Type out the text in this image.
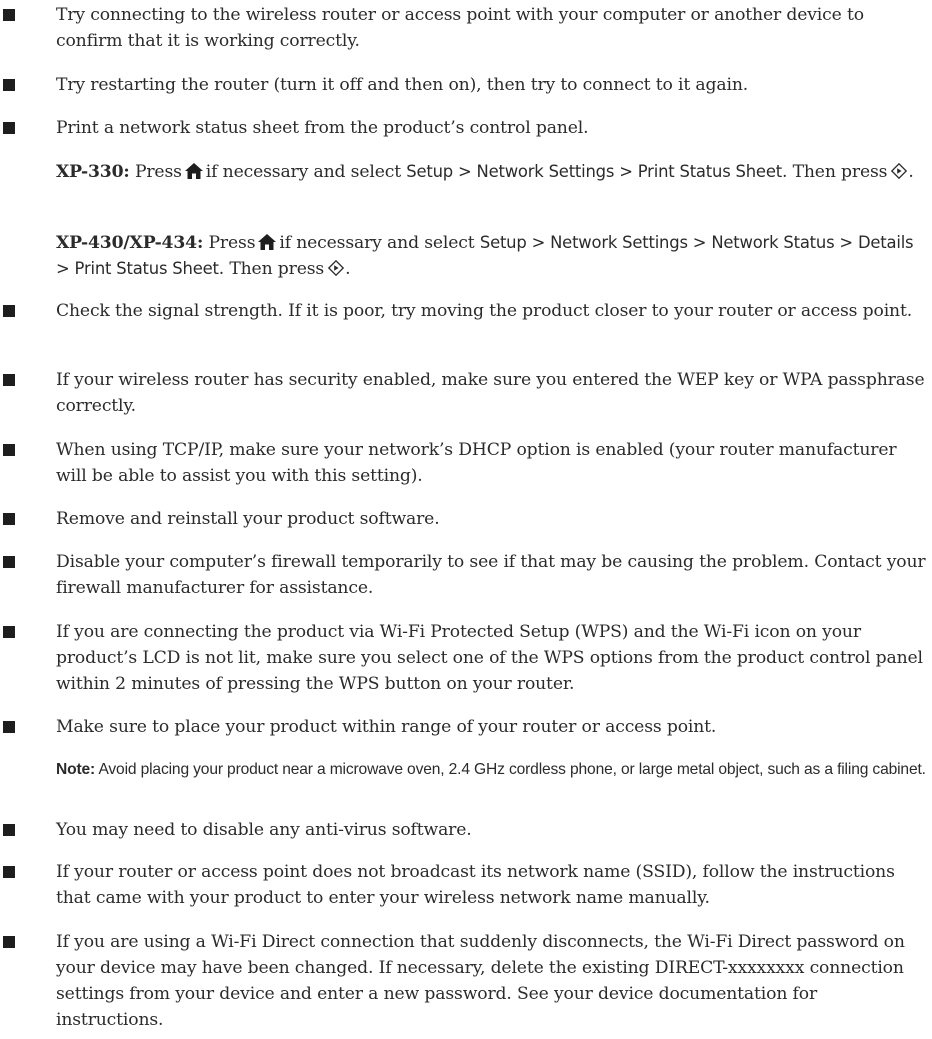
Try connecting to the wireless router or access point with your computer or another device to confirm that it is working correctly.
Try restarting the router (turn it off and then on), then try to connect to it again.
Print a network status sheet from the product’s control panel.
XP-330: Press if necessary and select Setup > Network Settings > Print Status Sheet. Then press .
XP-430/XP-434: Press if necessary and select Setup > Network Settings > Network Status > Details > Print Status Sheet. Then press .
Check the signal strength. If it is poor, try moving the product closer to your router or access point.
If your wireless router has security enabled, make sure you entered the WEP key or WPA passphrase correctly.
When using TCP/IP, make sure your network’s DHCP option is enabled (your router manufacturer will be able to assist you with this setting).
Remove and reinstall your product software.
Disable your computer’s firewall temporarily to see if that may be causing the problem. Contact your firewall manufacturer for assistance.
If you are connecting the product via Wi-Fi Protected Setup (WPS) and the Wi-Fi icon on your product’s LCD is not lit, make sure you select one of the WPS options from the product control panel within 2 minutes of pressing the WPS button on your router.
Make sure to place your product within range of your router or access point.
Note: Avoid placing your product near a microwave oven, 2.4 GHz cordless phone, or large metal object, such as a filing cabinet.
You may need to disable any anti-virus software.
If your router or access point does not broadcast its network name (SSID), follow the instructions that came with your product to enter your wireless network name manually.
If you are using a Wi-Fi Direct connection that suddenly disconnects, the Wi-Fi Direct password on your device may have been changed. If necessary, delete the existing DIRECT-xxxxxxxx connection settings from your device and enter a new password. See your device documentation for instructions.
